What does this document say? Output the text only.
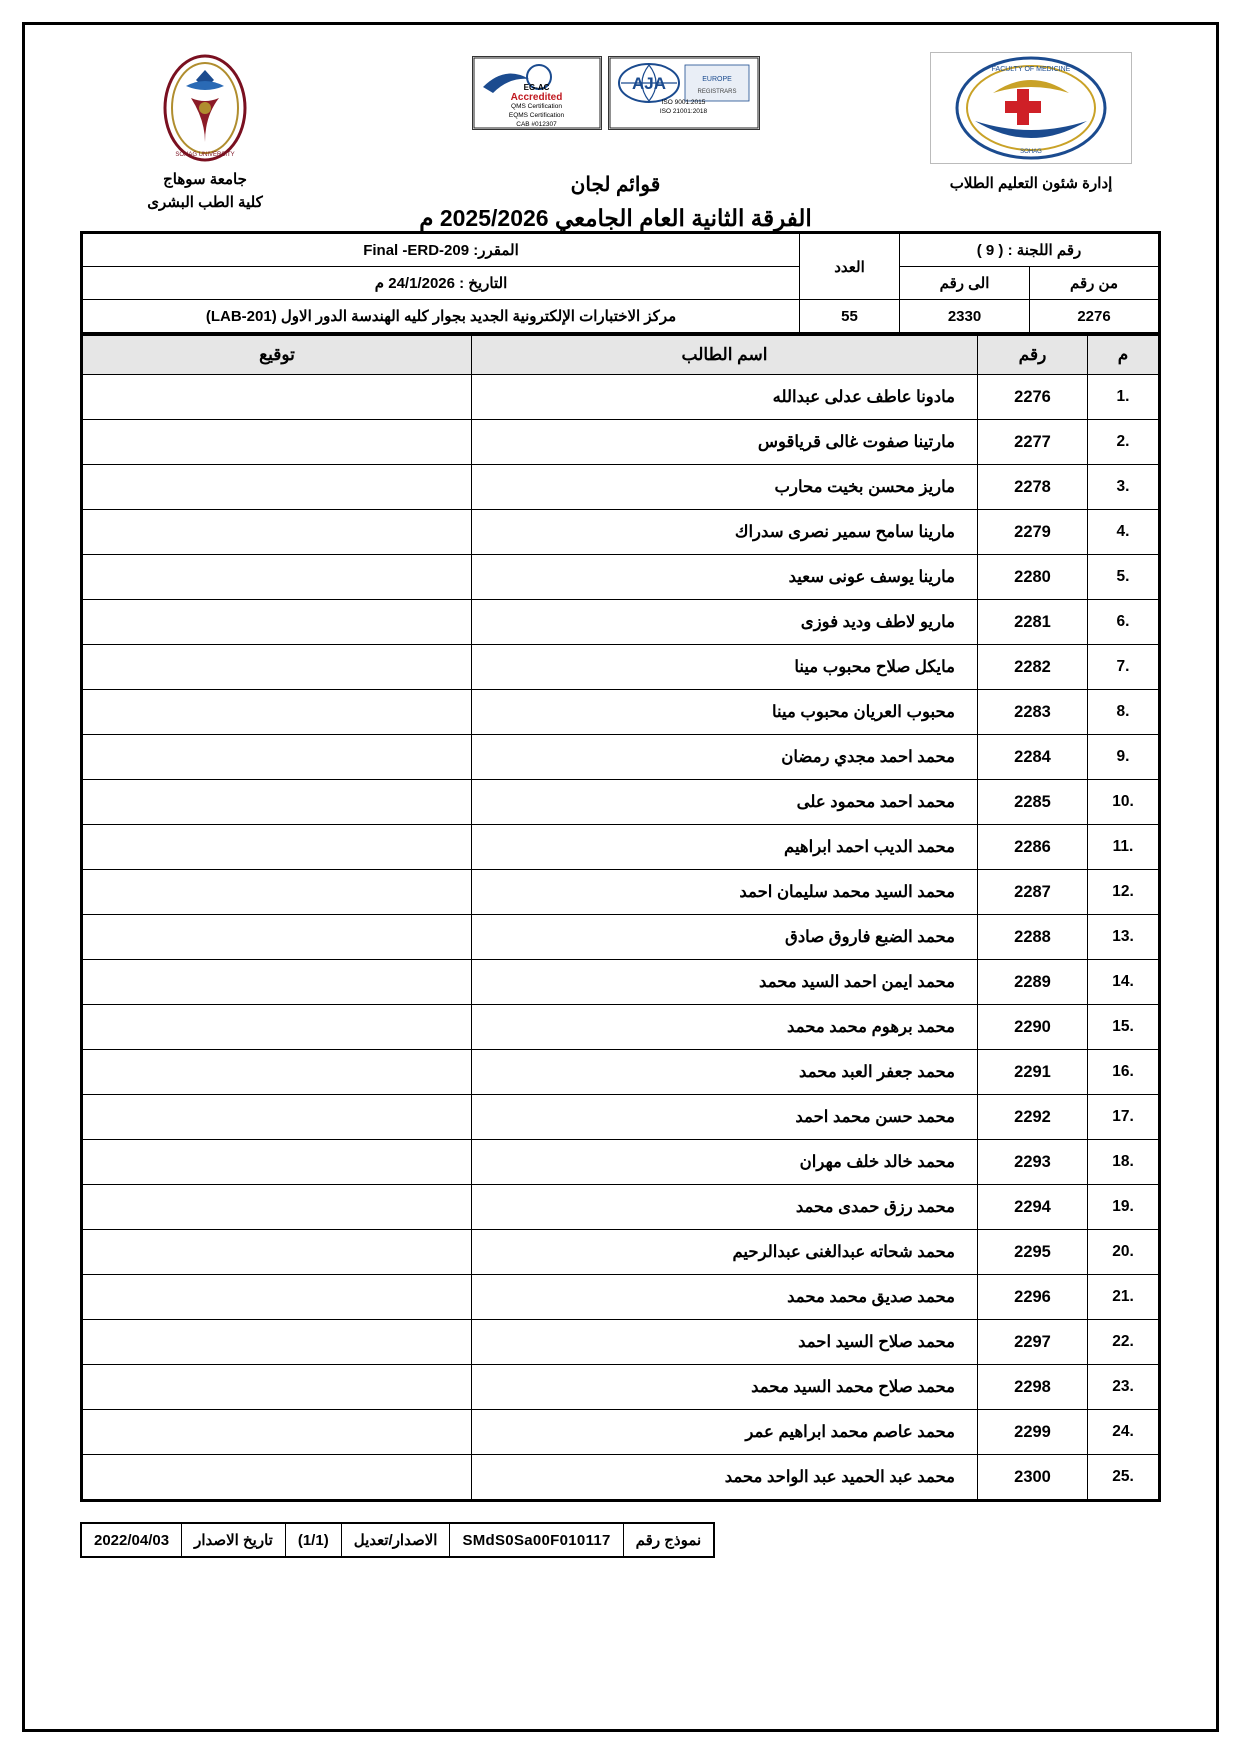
SOHAG UNIVERSITY
جامعة سوهاج
كلية الطب البشرى
AJA	EUROPE
REGISTRARS
ISO 9001:2015
ISO 21001:2018
EG-AC
Accredited
QMS Certification
EQMS Certification
CAB #012307
قوائم لجان
الفرقة الثانية العام الجامعي 2025/2026 م
FACULTY OF MEDICINE
SOHAG
إدارة شئون التعليم الطلاب
رقم اللجنة : ( 9 )		العدد	المقرر: Final -ERD-209
من رقم	الى رقم		التاريخ : 24/1/2026 م
2276	2330	55	مركز الاختبارات الإلكترونية الجديد بجوار كليه الهندسة الدور الاول (LAB-201)
م	رقم	اسم الطالب	توقيع
.1	2276	مادونا عاطف عدلى عبدالله	
.2	2277	مارتينا صفوت غالى قرياقوس	
.3	2278	ماريز محسن بخيت محارب	
.4	2279	مارينا سامح سمير نصرى سدراك	
.5	2280	مارينا يوسف عونى سعيد	
.6	2281	ماريو لاطف وديد فوزى	
.7	2282	مايكل صلاح محبوب مينا	
.8	2283	محبوب العريان محبوب مينا	
.9	2284	محمد احمد مجدي رمضان	
.10	2285	محمد احمد محمود على	
.11	2286	محمد الديب احمد ابراهيم	
.12	2287	محمد السيد محمد سليمان احمد	
.13	2288	محمد الضبع فاروق صادق	
.14	2289	محمد ايمن احمد السيد محمد	
.15	2290	محمد برهوم محمد محمد	
.16	2291	محمد جعفر العبد محمد	
.17	2292	محمد حسن محمد احمد	
.18	2293	محمد خالد خلف مهران	
.19	2294	محمد رزق حمدى محمد	
.20	2295	محمد شحاته عبدالغنى عبدالرحيم	
.21	2296	محمد صديق محمد محمد	
.22	2297	محمد صلاح السيد احمد	
.23	2298	محمد صلاح محمد السيد محمد	
.24	2299	محمد عاصم محمد ابراهيم عمر	
.25	2300	محمد عبد الحميد عبد الواحد محمد	
نموذج رقم	SMdS0Sa00F010117	الاصدار/تعديل	(1/1)	تاريخ الاصدار	2022/04/03
